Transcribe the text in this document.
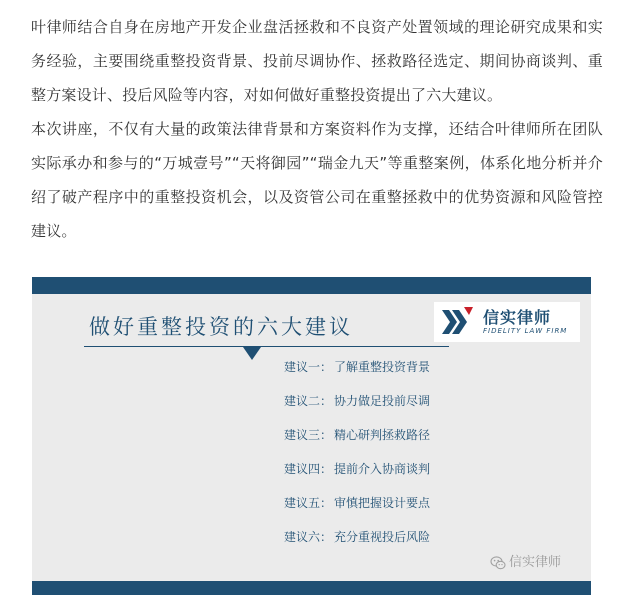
叶律师结合自身在房地产开发企业盘活拯救和不良资产处置领域的理论研究成果和实务经验，主要围绕重整投资背景、投前尽调协作、拯救路径选定、期间协商谈判、重整方案设计、投后风险等内容，对如何做好重整投资提出了六大建议。

本次讲座，不仅有大量的政策法律背景和方案资料作为支撑，还结合叶律师所在团队实际承办和参与的“万城壹号”“天将御园”“瑞金九天”等重整案例，体系化地分析并介绍了破产程序中的重整投资机会，以及资管公司在重整拯救中的优势资源和风险管控建议。

做好重整投资的六大建议	信实律师
FIDELITY LAW FIRM
建议一： 了解重整投资背景
建议二： 协力做足投前尽调
建议三： 精心研判拯救路径
建议四： 提前介入协商谈判
建议五： 审慎把握设计要点
建议六： 充分重视投后风险
信实律师
